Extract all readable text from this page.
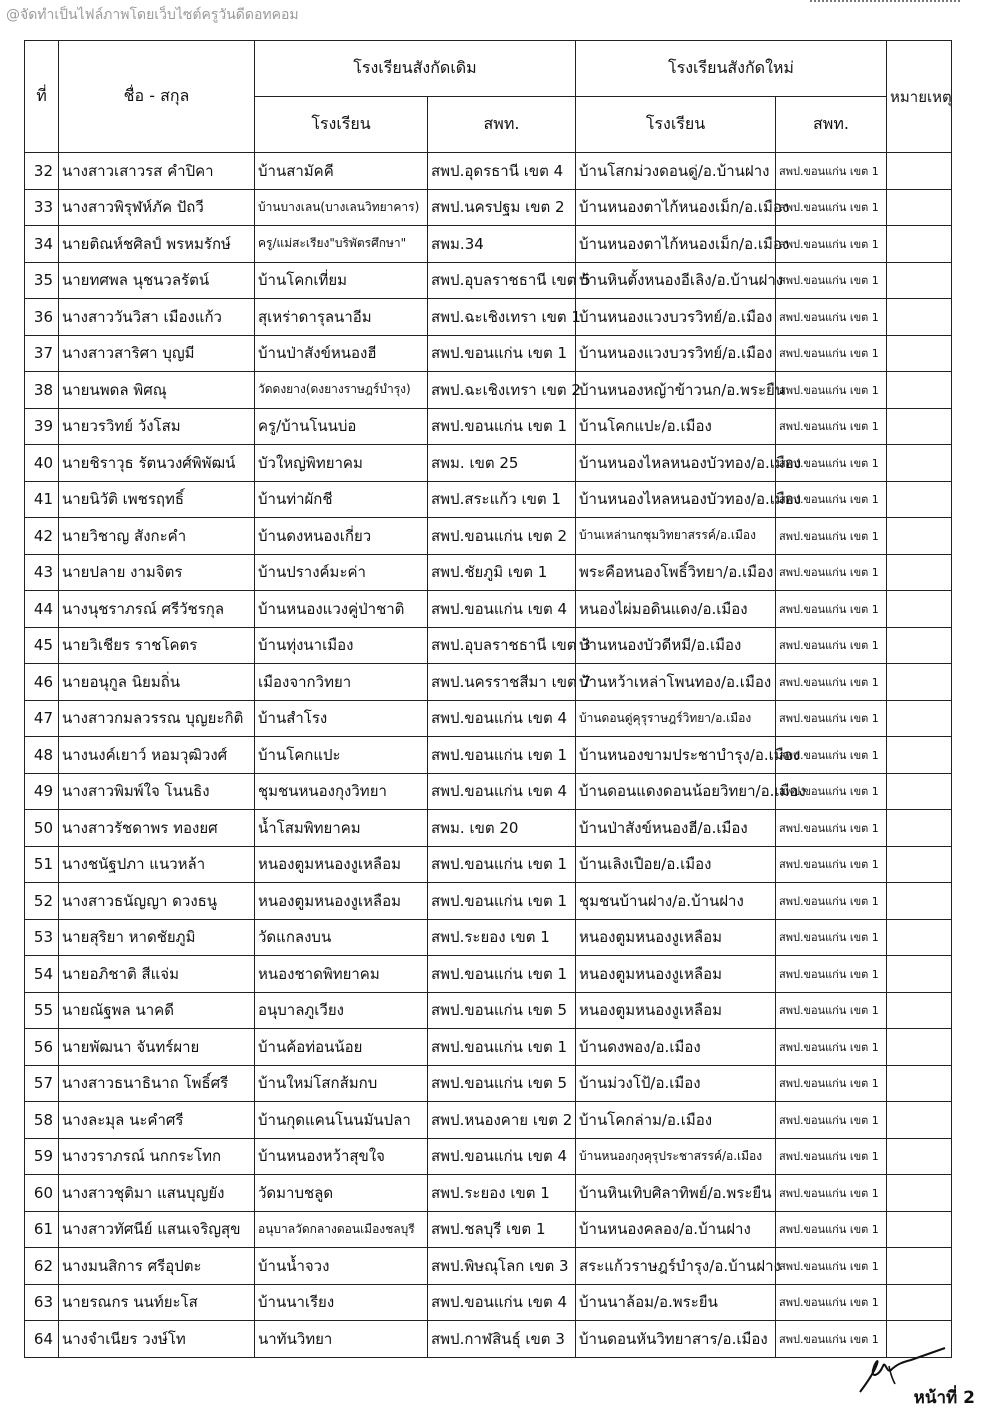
@จัดทำเป็นไฟล์ภาพโดยเว็บไซต์ครูวันดีดอทคอม
ที่	ชื่อ - สกุล	โรงเรียนสังกัดเดิม		โรงเรียนสังกัดใหม่		หมายเหตุ
		โรงเรียน	สพท.	โรงเรียน	สพท.	
32	นางสาวเสาวรส คำปิคา	บ้านสามัคคี	สพป.อุดรธานี เขต 4	บ้านโสกม่วงดอนดู่/อ.บ้านฝาง	สพป.ขอนแก่น เขต 1	
33	นางสาวพิรุฬห์ภัค ปัถวี	บ้านบางเลน(บางเลนวิทยาคาร)	สพป.นครปฐม เขต 2	บ้านหนองตาไก้หนองเม็ก/อ.เมือง	สพป.ขอนแก่น เขต 1	
34	นายติณห์ชศิลป์ พรหมรักษ์	ครู/แม่สะเรียง"บริพัตรศึกษา"	สพม.34	บ้านหนองตาไก้หนองเม็ก/อ.เมือง	สพป.ขอนแก่น เขต 1	
35	นายทศพล นุชนวลรัตน์	บ้านโคกเที่ยม	สพป.อุบลราชธานี เขต 5	บ้านหินตั้งหนองอีเลิง/อ.บ้านฝาง	สพป.ขอนแก่น เขต 1	
36	นางสาววันวิสา เมืองแก้ว	สุเหร่าดารุลนาอีม	สพป.ฉะเชิงเทรา เขต 1	บ้านหนองแวงบวรวิทย์/อ.เมือง	สพป.ขอนแก่น เขต 1	
37	นางสาวสาริศา บุญมี	บ้านป่าสังข์หนองฮี	สพป.ขอนแก่น เขต 1	บ้านหนองแวงบวรวิทย์/อ.เมือง	สพป.ขอนแก่น เขต 1	
38	นายนพดล พิศณุ	วัดดงยาง(ดงยางราษฎร์บำรุง)	สพป.ฉะเชิงเทรา เขต 2	บ้านหนองหญ้าข้าวนก/อ.พระยืน	สพป.ขอนแก่น เขต 1	
39	นายวรวิทย์ วังโสม	ครู/บ้านโนนบ่อ	สพป.ขอนแก่น เขต 1	บ้านโคกแปะ/อ.เมือง	สพป.ขอนแก่น เขต 1	
40	นายชิราวุธ รัตนวงศ์พิพัฒน์	บัวใหญ่พิทยาคม	สพม. เขต 25	บ้านหนองไหลหนองบัวทอง/อ.เมือง	สพป.ขอนแก่น เขต 1	
41	นายนิวัติ เพชรฤทธิ์	บ้านท่าผักชี	สพป.สระแก้ว เขต 1	บ้านหนองไหลหนองบัวทอง/อ.เมือง	สพป.ขอนแก่น เขต 1	
42	นายวิชาญ สังกะคำ	บ้านดงหนองเกี่ยว	สพป.ขอนแก่น เขต 2	บ้านเหล่านกชุมวิทยาสรรค์/อ.เมือง	สพป.ขอนแก่น เขต 1	
43	นายปลาย งามจิตร	บ้านปรางค์มะค่า	สพป.ชัยภูมิ เขต 1	พระคือหนองโพธิ์วิทยา/อ.เมือง	สพป.ขอนแก่น เขต 1	
44	นางนุชราภรณ์ ศรีวัชรกุล	บ้านหนองแวงคู่ป่าชาติ	สพป.ขอนแก่น เขต 4	หนองไผ่มอดินแดง/อ.เมือง	สพป.ขอนแก่น เขต 1	
45	นายวิเชียร ราชโคตร	บ้านทุ่งนาเมือง	สพป.อุบลราชธานี เขต 3	บ้านหนองบัวดีหมี/อ.เมือง	สพป.ขอนแก่น เขต 1	
46	นายอนุกูล นิยมถิ่น	เมืองจากวิทยา	สพป.นครราชสีมา เขต 7	บ้านหว้าเหล่าโพนทอง/อ.เมือง	สพป.ขอนแก่น เขต 1	
47	นางสาวกมลวรรณ บุญยะกิติ	บ้านสำโรง	สพป.ขอนแก่น เขต 4	บ้านดอนดู่คุรุราษฎร์วิทยา/อ.เมือง	สพป.ขอนแก่น เขต 1	
48	นางนงค์เยาว์ หอมวุฒิวงศ์	บ้านโคกแปะ	สพป.ขอนแก่น เขต 1	บ้านหนองขามประชาบำรุง/อ.เมือง	สพป.ขอนแก่น เขต 1	
49	นางสาวพิมพ์ใจ โนนธิง	ชุมชนหนองกุงวิทยา	สพป.ขอนแก่น เขต 4	บ้านดอนแดงดอนน้อยวิทยา/อ.เมือง	สพป.ขอนแก่น เขต 1	
50	นางสาวรัชดาพร ทองยศ	น้ำโสมพิทยาคม	สพม. เขต 20	บ้านป่าสังข์หนองฮี/อ.เมือง	สพป.ขอนแก่น เขต 1	
51	นางชนัฐปภา แนวหล้า	หนองตูมหนองงูเหลือม	สพป.ขอนแก่น เขต 1	บ้านเลิงเปือย/อ.เมือง	สพป.ขอนแก่น เขต 1	
52	นางสาวธนัญญา ดวงธนู	หนองตูมหนองงูเหลือม	สพป.ขอนแก่น เขต 1	ชุมชนบ้านฝาง/อ.บ้านฝาง	สพป.ขอนแก่น เขต 1	
53	นายสุริยา หาดชัยภูมิ	วัดแกลงบน	สพป.ระยอง เขต 1	หนองตูมหนองงูเหลือม	สพป.ขอนแก่น เขต 1	
54	นายอภิชาติ สีแจ่ม	หนองชาดพิทยาคม	สพป.ขอนแก่น เขต 1	หนองตูมหนองงูเหลือม	สพป.ขอนแก่น เขต 1	
55	นายณัฐพล นาคดี	อนุบาลภูเวียง	สพป.ขอนแก่น เขต 5	หนองตูมหนองงูเหลือม	สพป.ขอนแก่น เขต 1	
56	นายพัฒนา จันทร์ผาย	บ้านค้อท่อนน้อย	สพป.ขอนแก่น เขต 1	บ้านดงพอง/อ.เมือง	สพป.ขอนแก่น เขต 1	
57	นางสาวธนาธินาถ โพธิ์ศรี	บ้านใหม่โสกส้มกบ	สพป.ขอนแก่น เขต 5	บ้านม่วงโป้/อ.เมือง	สพป.ขอนแก่น เขต 1	
58	นางละมุล นะคำศรี	บ้านกุดแคนโนนมันปลา	สพป.หนองคาย เขต 2	บ้านโคกล่าม/อ.เมือง	สพป.ขอนแก่น เขต 1	
59	นางวราภรณ์ นกกระโทก	บ้านหนองหว้าสุขใจ	สพป.ขอนแก่น เขต 4	บ้านหนองกุงคุรุประชาสรรค์/อ.เมือง	สพป.ขอนแก่น เขต 1	
60	นางสาวชุติมา แสนบุญยัง	วัดมาบชลูด	สพป.ระยอง เขต 1	บ้านหินเทิบศิลาทิพย์/อ.พระยืน	สพป.ขอนแก่น เขต 1	
61	นางสาวทัศนีย์ แสนเจริญสุข	อนุบาลวัดกลางดอนเมืองชลบุรี	สพป.ชลบุรี เขต 1	บ้านหนองคลอง/อ.บ้านฝาง	สพป.ขอนแก่น เขต 1	
62	นางมนสิการ ศรีอุปตะ	บ้านน้ำจวง	สพป.พิษณุโลก เขต 3	สระแก้วราษฎร์บำรุง/อ.บ้านฝาง	สพป.ขอนแก่น เขต 1	
63	นายรณกร นนท์ยะโส	บ้านนาเรียง	สพป.ขอนแก่น เขต 4	บ้านนาล้อม/อ.พระยืน	สพป.ขอนแก่น เขต 1	
64	นางจำเนียร วงษ์โท	นาทันวิทยา	สพป.กาฬสินธุ์ เขต 3	บ้านดอนหันวิทยาสาร/อ.เมือง	สพป.ขอนแก่น เขต 1	
หน้าที่ 2
